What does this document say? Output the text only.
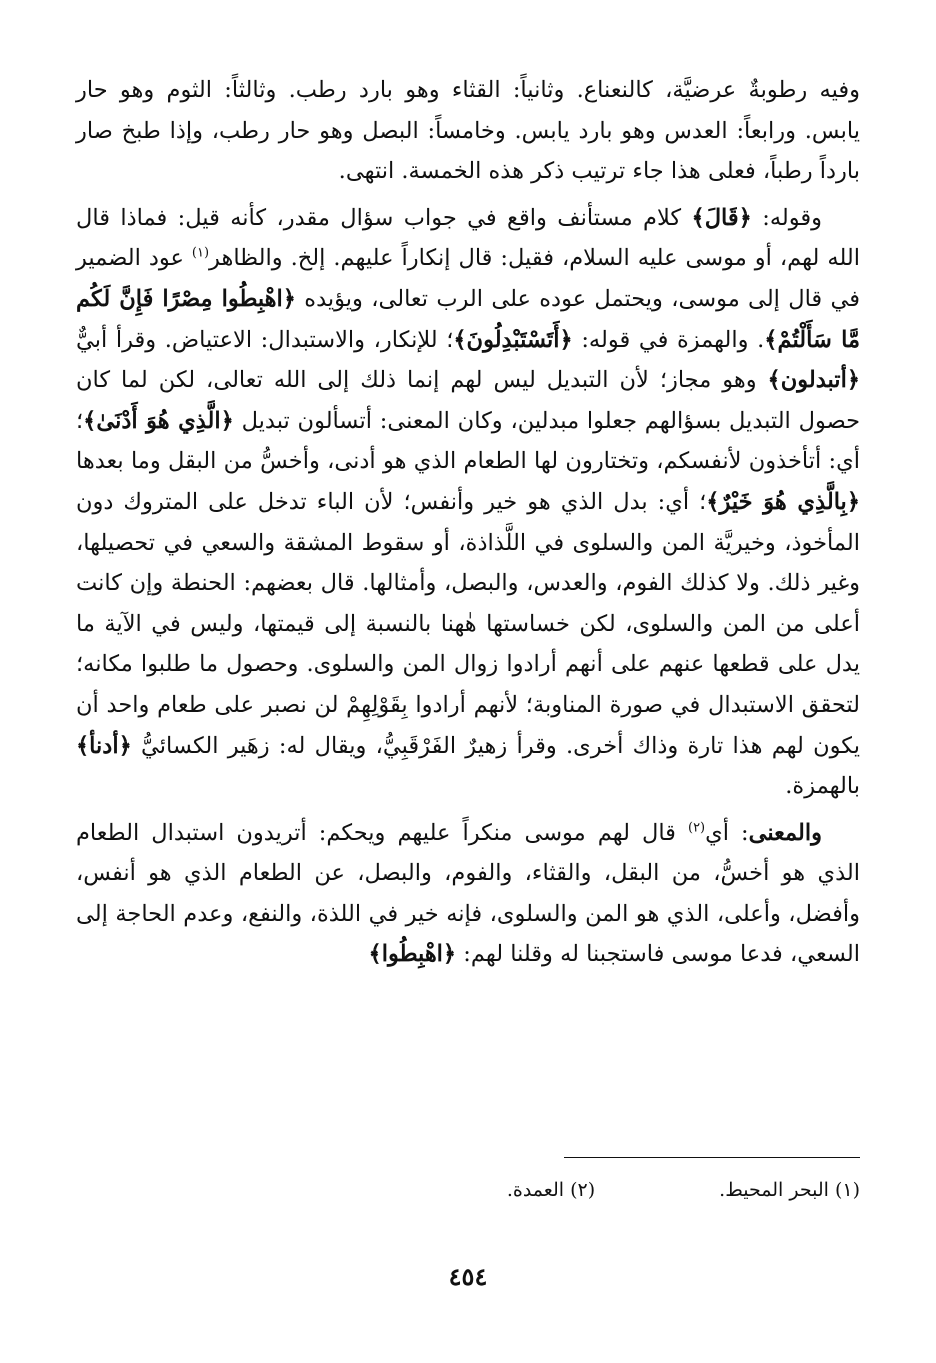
وفيه رطوبةٌ عرضيَّة، كالنعناع. وثانياً: القثاء وهو بارد رطب. وثالثاً: الثوم وهو حار يابس. ورابعاً: العدس وهو بارد يابس. وخامساً: البصل وهو حار رطب، وإذا طبخ صار بارداً رطباً، فعلى هذا جاء ترتيب ذكر هذه الخمسة. انتهى.

وقوله: ﴿قَالَ﴾ كلام مستأنف واقع في جواب سؤال مقدر، كأنه قيل: فماذا قال الله لهم، أو موسى عليه السلام، فقيل: قال إنكاراً عليهم. إلخ. والظاهر$^{(١)}$ عود الضمير في قال إلى موسى، ويحتمل عوده على الرب تعالى، ويؤيده ﴿اهْبِطُوا مِصْرًا فَإِنَّ لَكُم مَّا سَأَلْتُمْ﴾. والهمزة في قوله: ﴿أَتَسْتَبْدِلُونَ﴾؛ للإنكار، والاستبدال: الاعتياض. وقرأ أبيٌّ ﴿أتبدلون﴾ وهو مجاز؛ لأن التبديل ليس لهم إنما ذلك إلى الله تعالى، لكن لما كان حصول التبديل بسؤالهم جعلوا مبدلين، وكان المعنى: أتسألون تبديل ﴿الَّذِي هُوَ أَدْنَىٰ﴾؛ أي: أتأخذون لأنفسكم، وتختارون لها الطعام الذي هو أدنى، وأخسُّ من البقل وما بعدها ﴿بِالَّذِي هُوَ خَيْرٌ﴾؛ أي: بدل الذي هو خير وأنفس؛ لأن الباء تدخل على المتروك دون المأخوذ، وخيريَّة المن والسلوى في اللَّذاذة، أو سقوط المشقة والسعي في تحصيلها، وغير ذلك. ولا كذلك الفوم، والعدس، والبصل، وأمثالها. قال بعضهم: الحنطة وإن كانت أعلى من المن والسلوى، لكن خساستها هٰهنا بالنسبة إلى قيمتها، وليس في الآية ما يدل على قطعها عنهم على أنهم أرادوا زوال المن والسلوى. وحصول ما طلبوا مكانه؛ لتحقق الاستبدال في صورة المناوبة؛ لأنهم أرادوا بِقَوْلِهِمْ لن نصبر على طعام واحد أن يكون لهم هذا تارة وذاك أخرى. وقرأ زهيرٌ الفَرْقَبِيُّ، ويقال له: زهَير الكسائيُّ ﴿أدنأ﴾ بالهمزة.

والمعنى: أي$^{(٢)}$ قال لهم موسى منكراً عليهم ويحكم: أتريدون استبدال الطعام الذي هو أخسُّ، من البقل، والقثاء، والفوم، والبصل، عن الطعام الذي هو أنفس، وأفضل، وأعلى، الذي هو المن والسلوى، فإنه خير في اللذة، والنفع، وعدم الحاجة إلى السعي، فدعا موسى فاستجبنا له وقلنا لهم: ﴿اهْبِطُوا﴾

(١) البحر المحيط. (٢) العمدة.
٤٥٤
